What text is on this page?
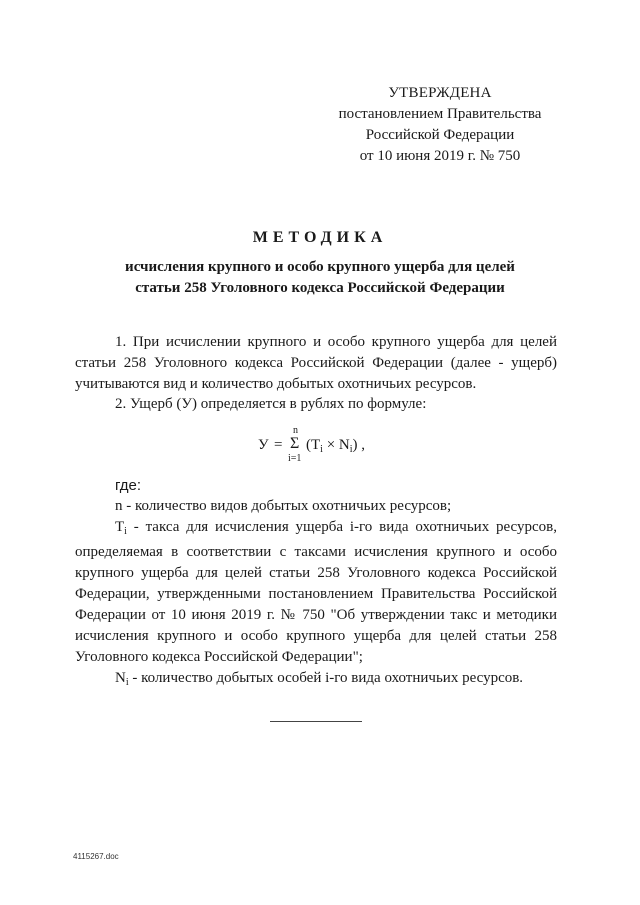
УТВЕРЖДЕНА
постановлением Правительства
Российской Федерации
от 10 июня 2019 г. № 750
МЕТОДИКА
исчисления крупного и особо крупного ущерба для целей
статьи 258 Уголовного кодекса Российской Федерации
1. При исчислении крупного и особо крупного ущерба для целей статьи 258 Уголовного кодекса Российской Федерации (далее - ущерб) учитываются вид и количество добытых охотничьих ресурсов.
2. Ущерб (У) определяется в рублях по формуле:
У =
n
Σ
i=1
$(T_i \times N_i)$ ,
где:

n - количество видов добытых охотничьих ресурсов;

$T_i$ - такса для исчисления ущерба i-го вида охотничьих ресурсов, определяемая в соответствии с таксами исчисления крупного и особо крупного ущерба для целей статьи 258 Уголовного кодекса Российской Федерации, утвержденными постановлением Правительства Российской Федерации от 10 июня 2019 г. № 750 "Об утверждении такс и методики исчисления крупного и особо крупного ущерба для целей статьи 258 Уголовного кодекса Российской Федерации";

$N_i$ - количество добытых особей i-го вида охотничьих ресурсов.

4115267.doc
